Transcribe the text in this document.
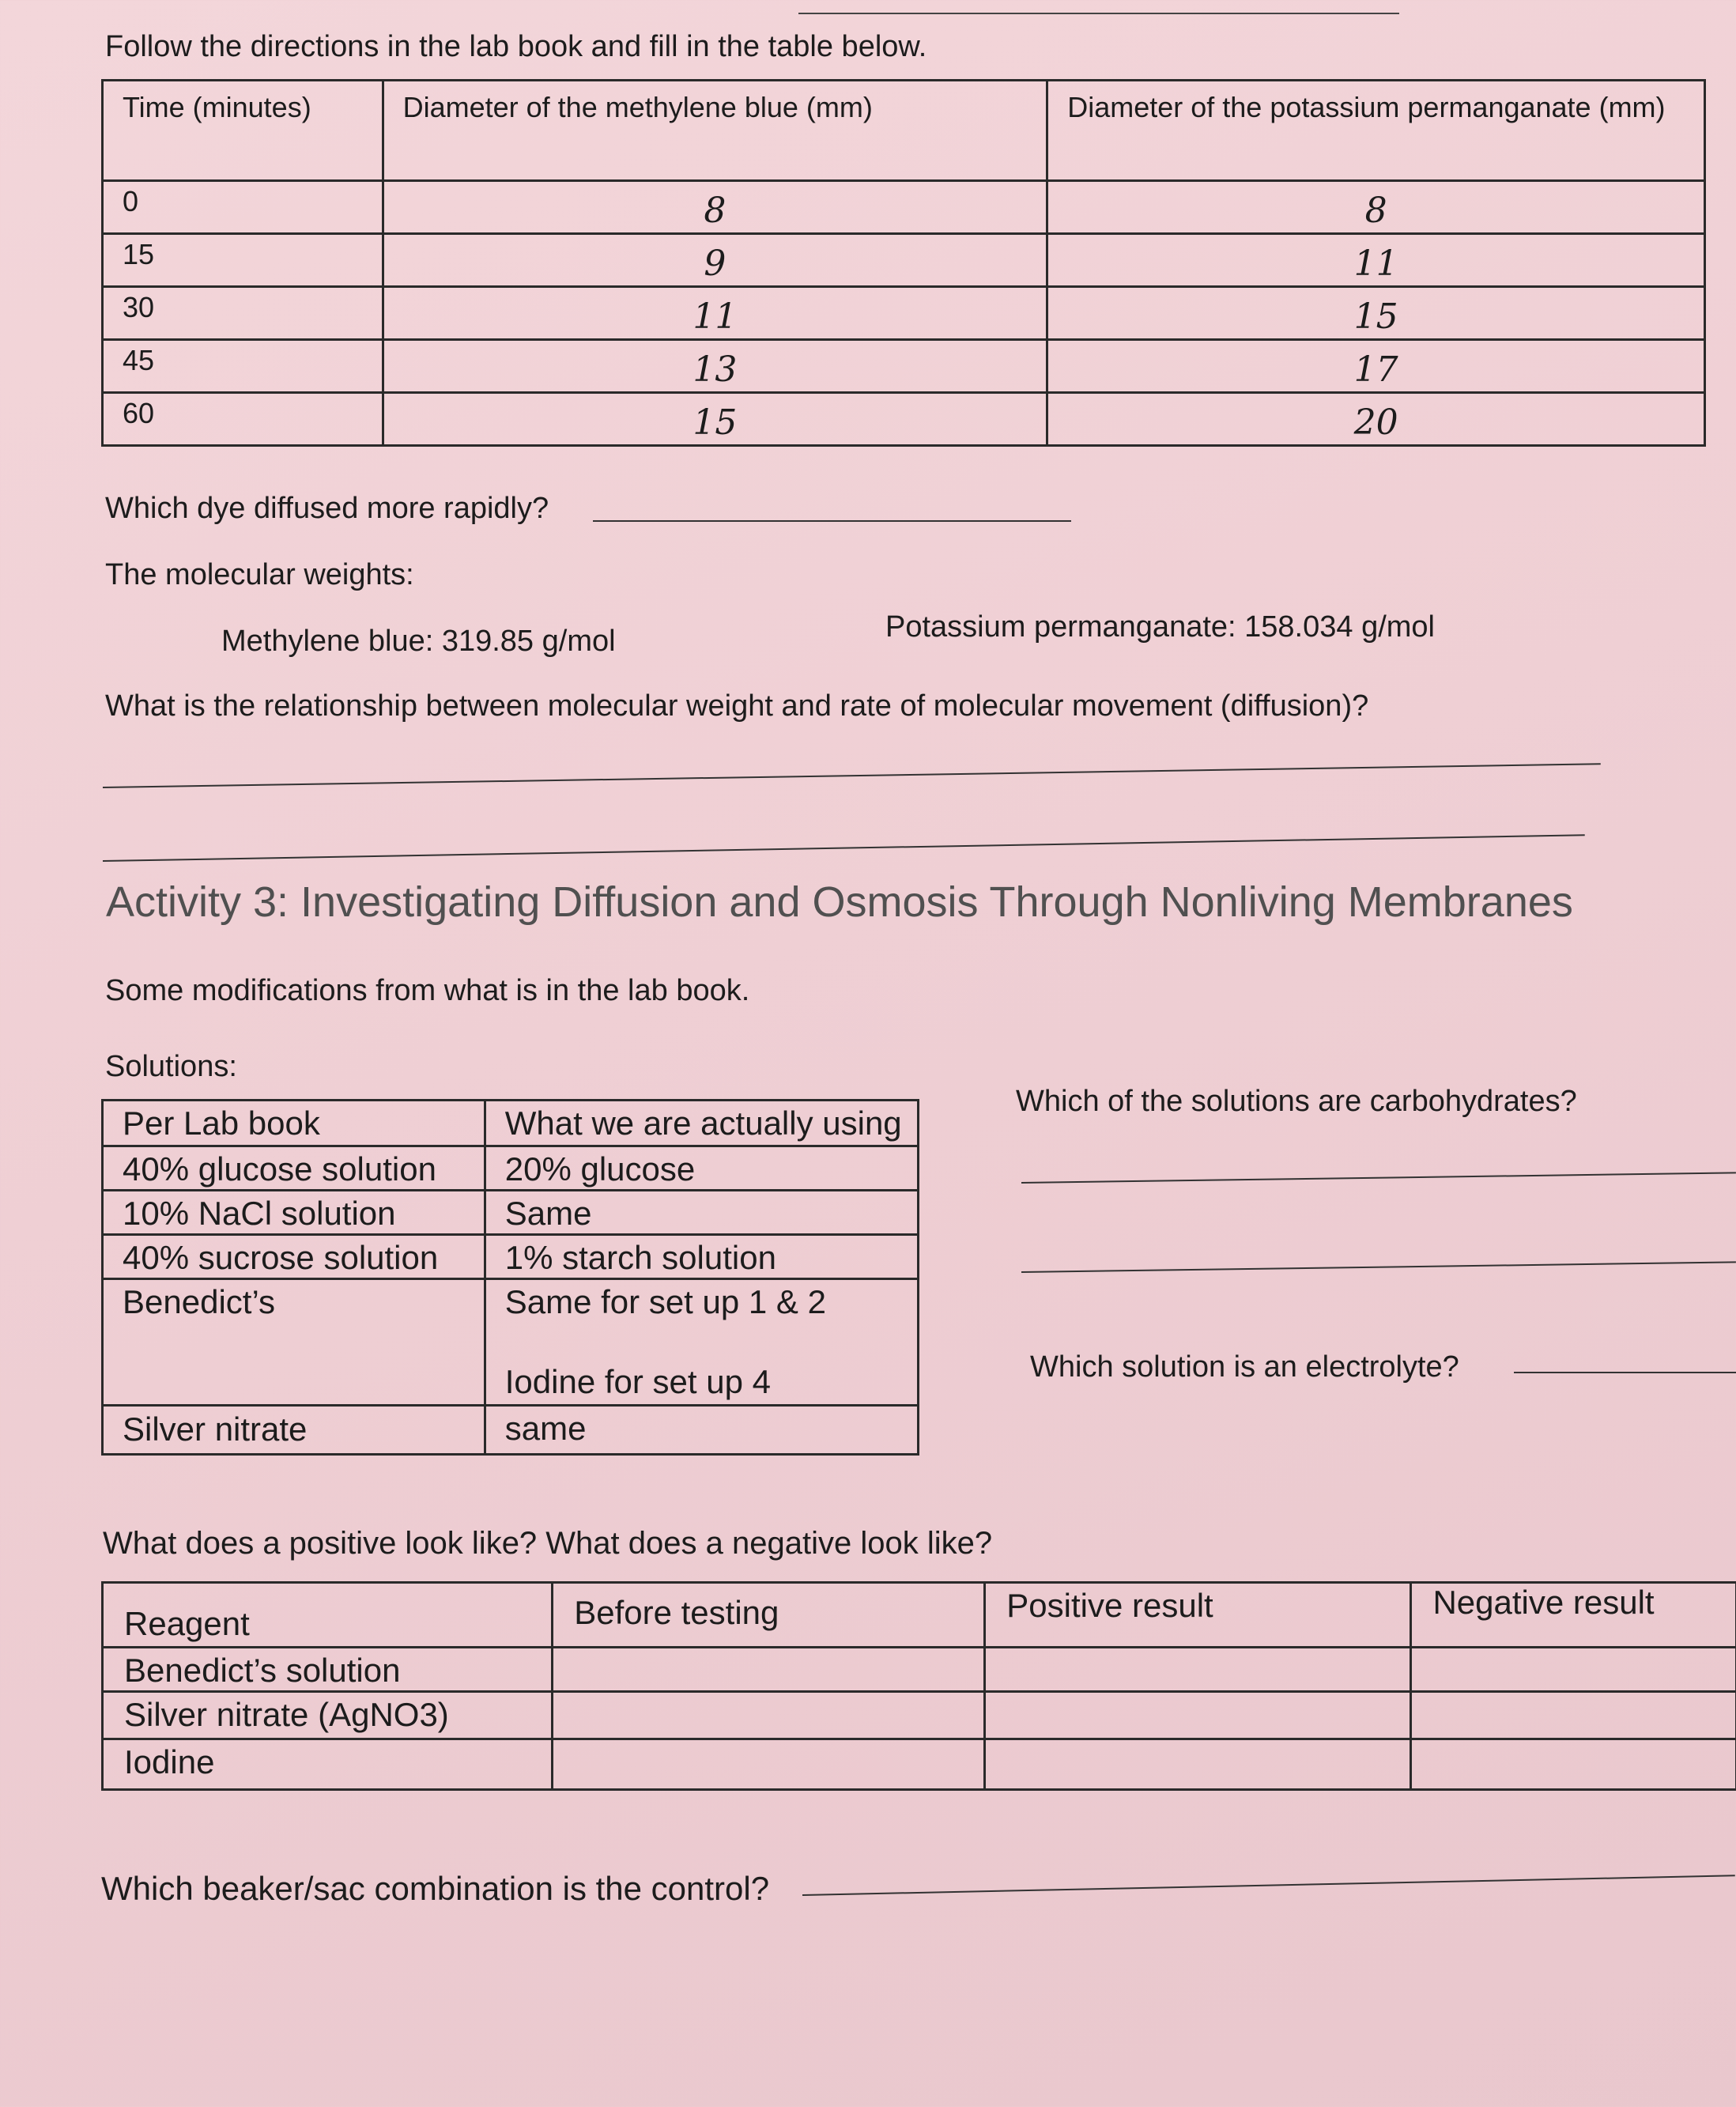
Follow the directions in the lab book and fill in the table below.
Time (minutes)	Diameter of the methylene blue (mm)	Diameter of the potassium permanganate (mm)
0	8	8
15	9	11
30	11	15
45	13	17
60	15	20
Which dye diffused more rapidly?
The molecular weights:
Methylene blue: 319.85 g/mol	Potassium permanganate: 158.034 g/mol
What is the relationship between molecular weight and rate of molecular movement (diffusion)?
Activity 3: Investigating Diffusion and Osmosis Through Nonliving Membranes
Some modifications from what is in the lab book.
Solutions:
Per Lab book	What we are actually using
40% glucose solution	20% glucose
10% NaCl solution	Same
40% sucrose solution	1% starch solution
Benedict’s	Same for set up 1 & 2
Iodine for set up 4

Silver nitrate	same
Which of the solutions are carbohydrates?
Which solution is an electrolyte?
What does a positive look like? What does a negative look like?
Reagent	Before testing	Positive result	Negative result
Benedict’s solution			
Silver nitrate (AgNO3)			
Iodine			
Which beaker/sac combination is the control?
